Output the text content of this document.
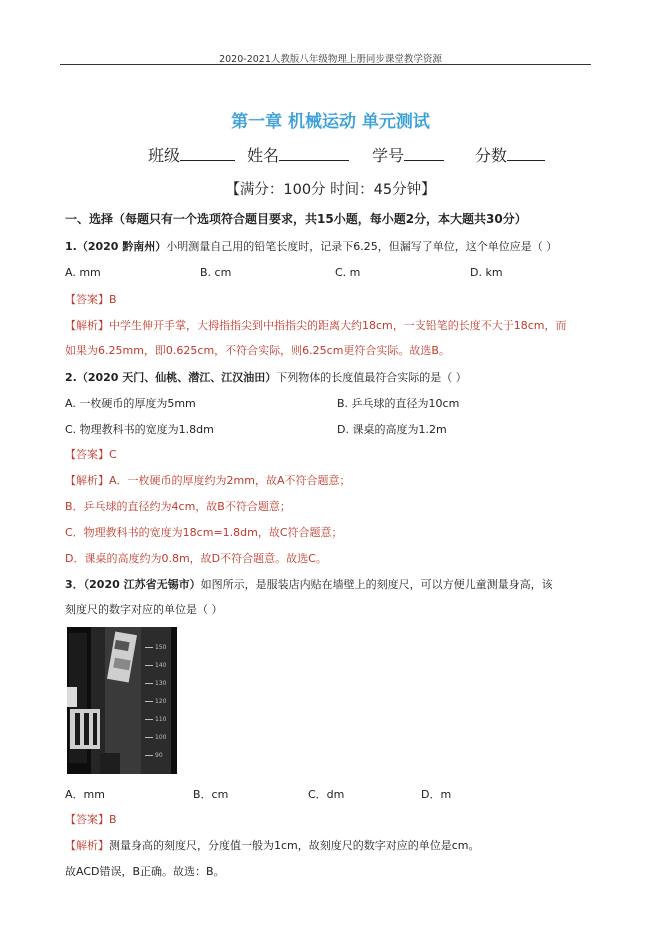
2020-2021人教版八年级物理上册同步课堂教学资源
第一章 机械运动 单元测试
班级	姓名	学号	分数
【满分：100分 时间：45分钟】
一、选择（每题只有一个选项符合题目要求，共15小题，每小题2分，本大题共30分）
1.（2020 黔南州）小明测量自己用的铅笔长度时，记录下6.25，但漏写了单位，这个单位应是（ ）
A. mm	B. cm	C. m	D. km
【答案】B
【解析】中学生伸开手掌，大拇指指尖到中指指尖的距离大约18cm，一支铅笔的长度不大于18cm，而
如果为6.25mm，即0.625cm，不符合实际，则6.25cm更符合实际。故选B。
2.（2020 天门、仙桃、潜江、江汉油田）下列物体的长度值最符合实际的是（ ）
A. 一枚硬币的厚度为5mm	B. 乒乓球的直径为10cm
C. 物理教科书的宽度为1.8dm	D. 课桌的高度为1.2m
【答案】C
【解析】A．一枚硬币的厚度约为2mm，故A不符合题意；
B．乒乓球的直径约为4cm，故B不符合题意；
C．物理教科书的宽度为18cm=1.8dm，故C符合题意；
D．课桌的高度约为0.8m，故D不符合题意。故选C。
3．（2020 江苏省无锡市）如图所示，是服装店内贴在墙壁上的刻度尺，可以方便儿童测量身高，该
刻度尺的数字对应的单位是（ ）
150
140
130
120
110
100
90
A．mm	B．cm	C．dm	D．m
【答案】B
【解析】测量身高的刻度尺，分度值一般为1cm，故刻度尺的数字对应的单位是cm。
故ACD错误，B正确。故选：B。
